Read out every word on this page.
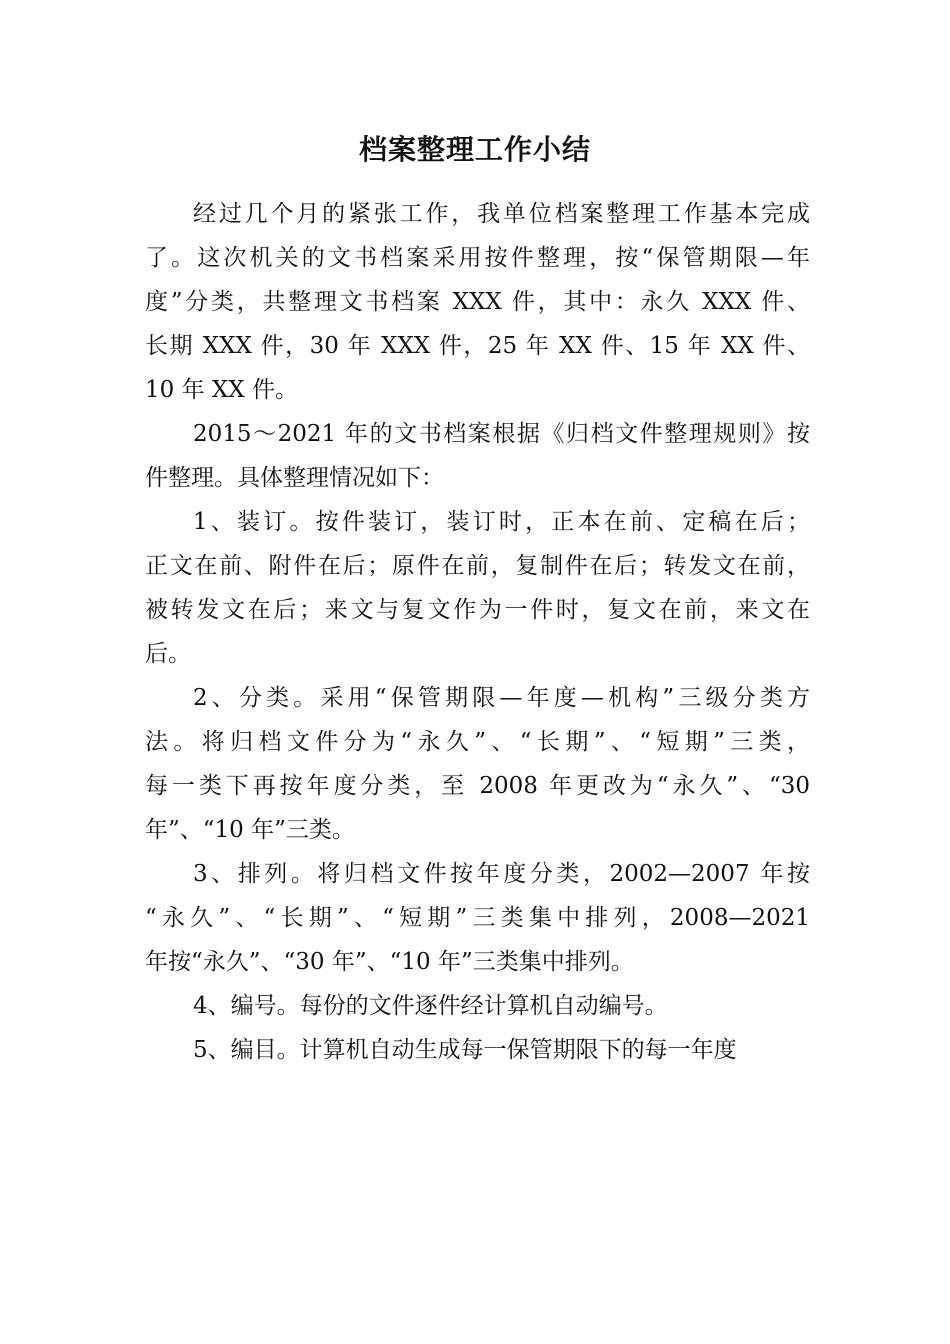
档案整理工作小结
经过几个月的紧张工作，我单位档案整理工作基本完成
了。这次机关的文书档案采用按件整理，按“保管期限—年
度”分类，共整理文书档案 XXX 件，其中：永久 XXX 件、
长期 XXX 件，30 年 XXX 件，25 年 XX 件、15 年 XX 件、
10 年 XX 件。
2015～2021 年的文书档案根据《归档文件整理规则》按
件整理。具体整理情况如下：
1、装订。按件装订，装订时，正本在前、定稿在后；
正文在前、附件在后；原件在前，复制件在后；转发文在前，
被转发文在后；来文与复文作为一件时，复文在前，来文在
后。
2、分类。采用“保管期限—年度—机构”三级分类方
法。将归档文件分为“永久”、“长期”、“短期”三类，
每一类下再按年度分类，至 2008 年更改为“永久”、“30
年”、“10 年”三类。
3、排列。将归档文件按年度分类，2002—2007 年按
“永久”、“长期”、“短期”三类集中排列，2008—2021
年按“永久”、“30 年”、“10 年”三类集中排列。
4、编号。每份的文件逐件经计算机自动编号。
5、编目。计算机自动生成每一保管期限下的每一年度
